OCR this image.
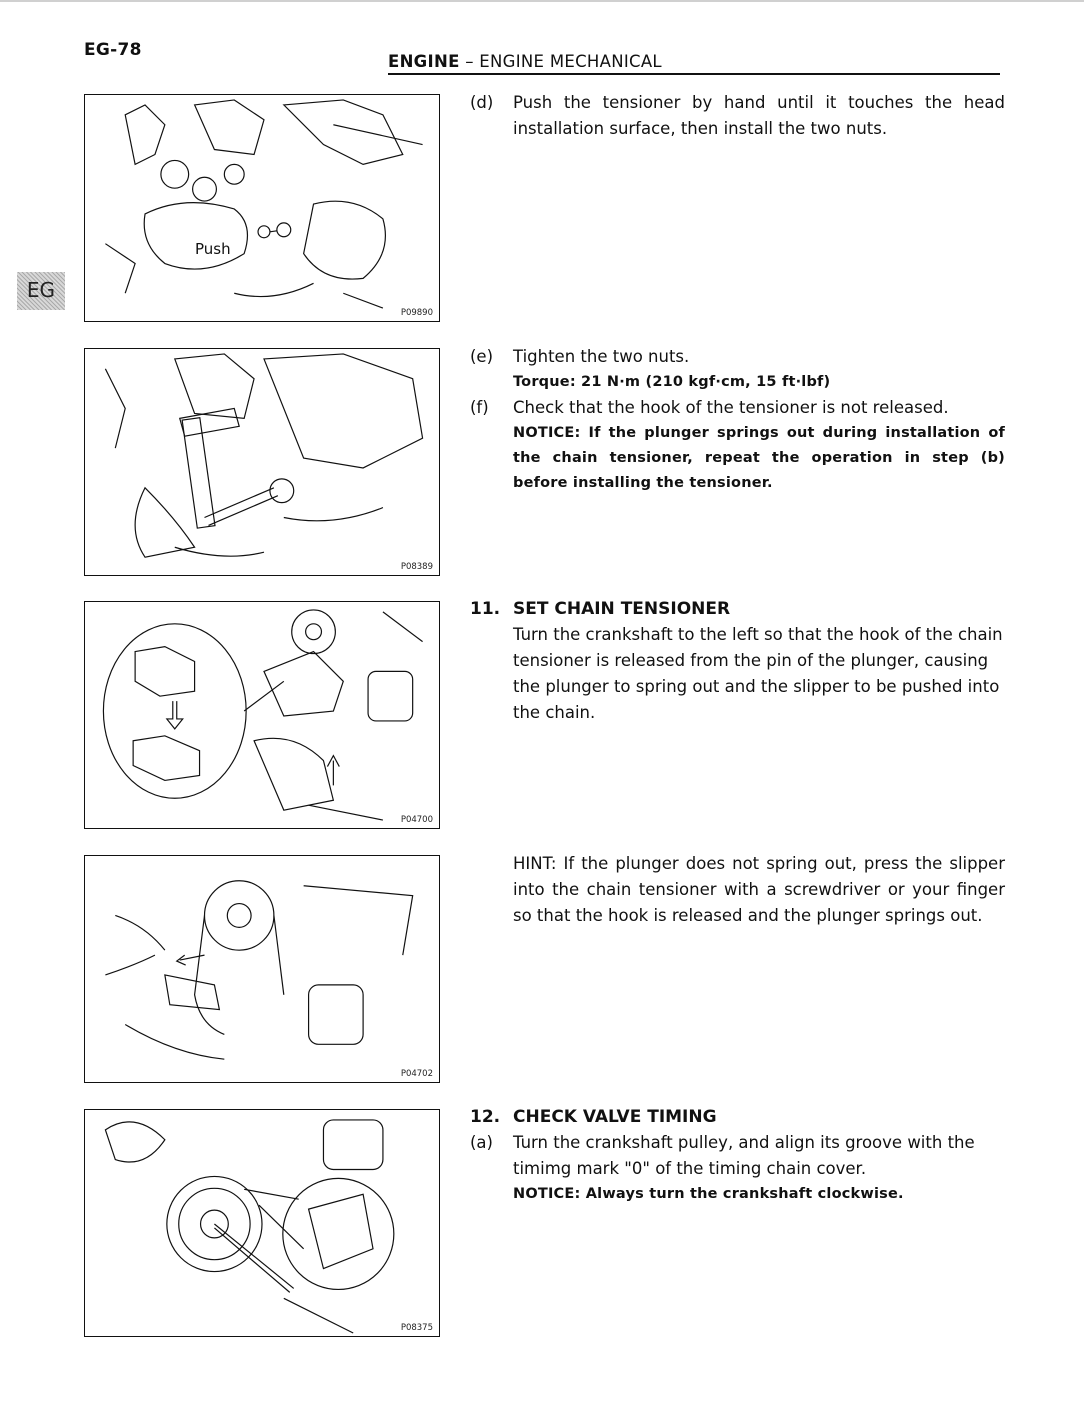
EG-78
ENGINE – ENGINE MECHANICAL
EG
Push
P09890
P08389
P04700
P04702
P08375
(d) Push the tensioner by hand until it touches the head installation surface, then install the two nuts.
(e) Tighten the two nuts.
Torque: 21 N·m (210 kgf·cm, 15 ft·lbf)
(f) Check that the hook of the tensioner is not released.
NOTICE: If the plunger springs out during installation of the chain tensioner, repeat the operation in step (b) before installing the tensioner.
11. SET CHAIN TENSIONER
Turn the crankshaft to the left so that the hook of the chain tensioner is released from the pin of the plunger, causing the plunger to spring out and the slipper to be pushed into the chain.
HINT: If the plunger does not spring out, press the slipper into the chain tensioner with a screwdriver or your finger so that the hook is released and the plunger springs out.
12. CHECK VALVE TIMING
(a) Turn the crankshaft pulley, and align its groove with the timimg mark "0" of the timing chain cover.
NOTICE: Always turn the crankshaft clockwise.
